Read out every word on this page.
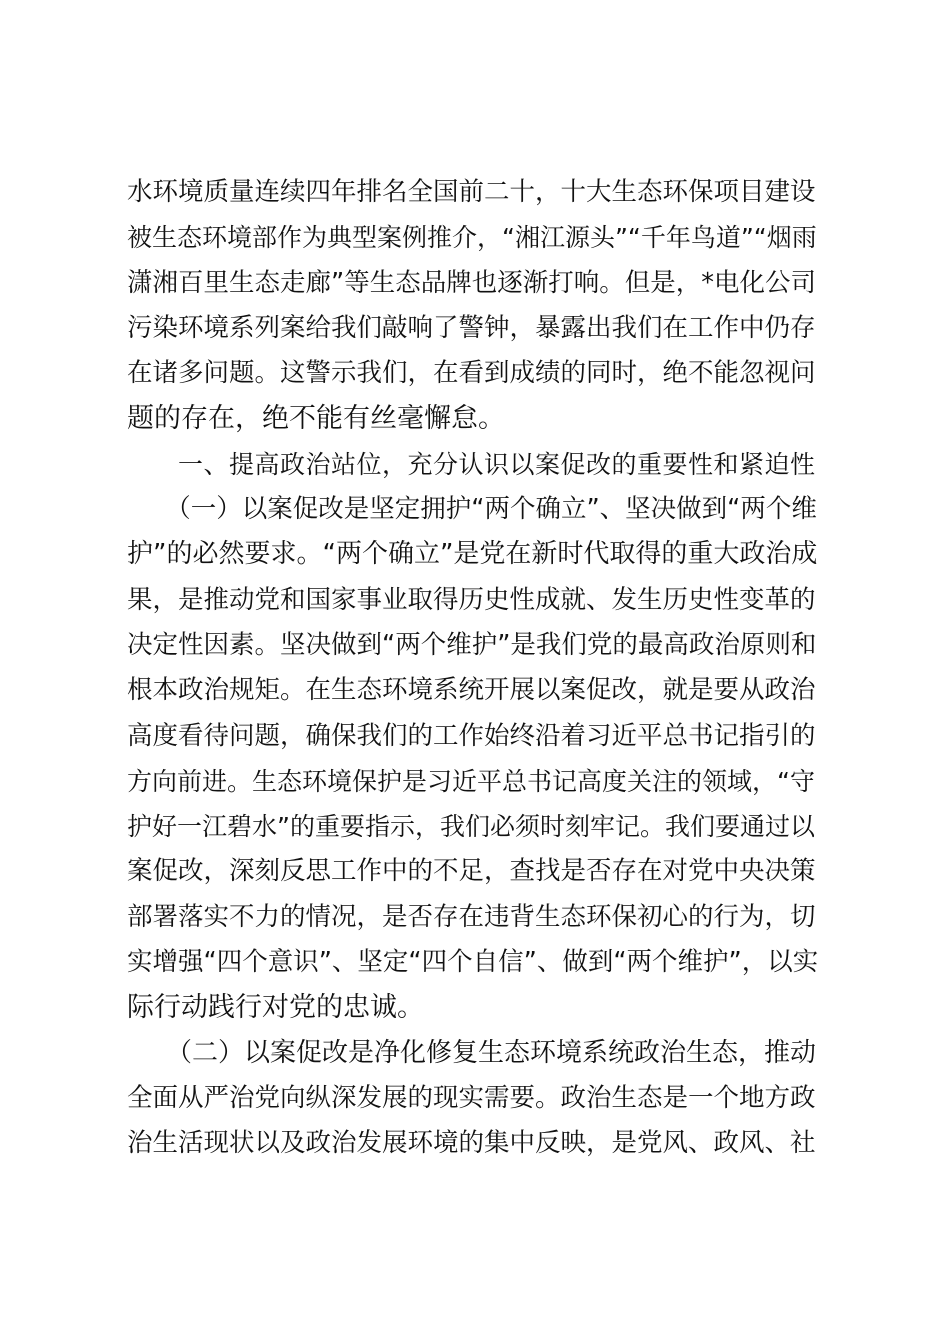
水环境质量连续四年排名全国前二十，十大生态环保项目建设
被生态环境部作为典型案例推介，“湘江源头”“千年鸟道”“烟雨
潇湘百里生态走廊”等生态品牌也逐渐打响。但是，*电化公司
污染环境系列案给我们敲响了警钟，暴露出我们在工作中仍存
在诸多问题。这警示我们，在看到成绩的同时，绝不能忽视问
题的存在，绝不能有丝毫懈怠。
　　一、提高政治站位，充分认识以案促改的重要性和紧迫性
　　（一）以案促改是坚定拥护“两个确立”、坚决做到“两个维
护”的必然要求。“两个确立”是党在新时代取得的重大政治成
果，是推动党和国家事业取得历史性成就、发生历史性变革的
决定性因素。坚决做到“两个维护”是我们党的最高政治原则和
根本政治规矩。在生态环境系统开展以案促改，就是要从政治
高度看待问题，确保我们的工作始终沿着习近平总书记指引的
方向前进。生态环境保护是习近平总书记高度关注的领域，“守
护好一江碧水”的重要指示，我们必须时刻牢记。我们要通过以
案促改，深刻反思工作中的不足，查找是否存在对党中央决策
部署落实不力的情况，是否存在违背生态环保初心的行为，切
实增强“四个意识”、坚定“四个自信”、做到“两个维护”，以实
际行动践行对党的忠诚。
　　（二）以案促改是净化修复生态环境系统政治生态，推动
全面从严治党向纵深发展的现实需要。政治生态是一个地方政
治生活现状以及政治发展环境的集中反映，是党风、政风、社
